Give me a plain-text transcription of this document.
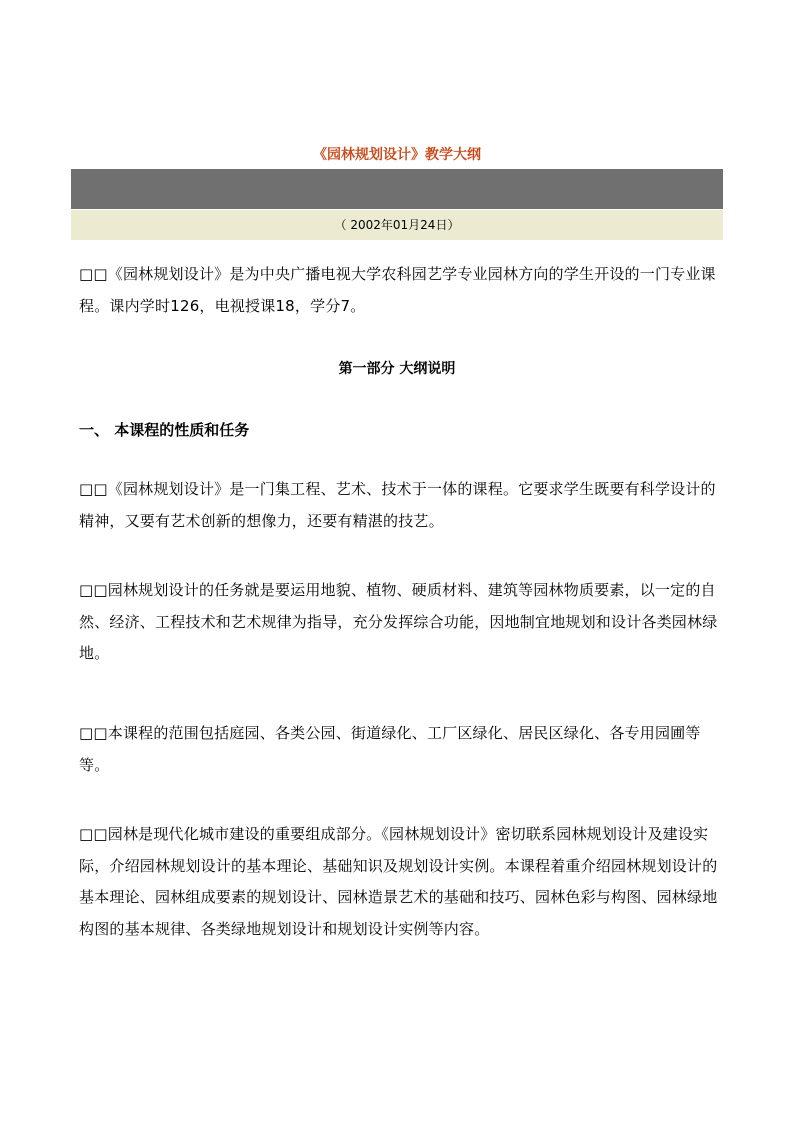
《园林规划设计》教学大纲
（ 2002年01月24日）
□□《园林规划设计》是为中央广播电视大学农科园艺学专业园林方向的学生开设的一门专业课程。课内学时126，电视授课18，学分7。
第一部分 大纲说明
一、 本课程的性质和任务
□□《园林规划设计》是一门集工程、艺术、技术于一体的课程。它要求学生既要有科学设计的精神，又要有艺术创新的想像力，还要有精湛的技艺。
□□园林规划设计的任务就是要运用地貌、植物、硬质材料、建筑等园林物质要素，以一定的自然、经济、工程技术和艺术规律为指导，充分发挥综合功能，因地制宜地规划和设计各类园林绿地。
□□本课程的范围包括庭园、各类公园、街道绿化、工厂区绿化、居民区绿化、各专用园圃等等。
□□园林是现代化城市建设的重要组成部分。《园林规划设计》密切联系园林规划设计及建设实际，介绍园林规划设计的基本理论、基础知识及规划设计实例。本课程着重介绍园林规划设计的基本理论、园林组成要素的规划设计、园林造景艺术的基础和技巧、园林色彩与构图、园林绿地构图的基本规律、各类绿地规划设计和规划设计实例等内容。
